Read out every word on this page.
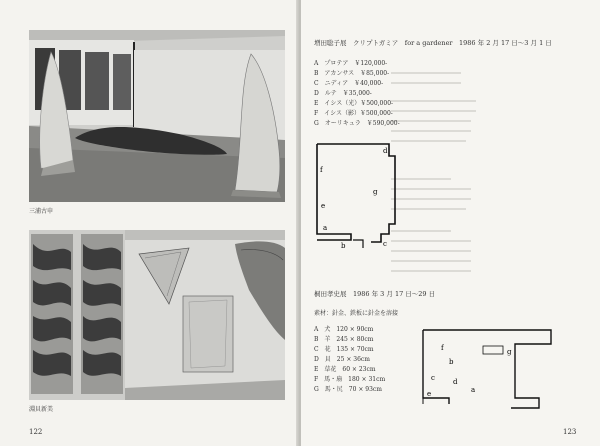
三浦古申
淵貝新美
122
増田聡子展　クリプトガミア　for a gardener　1986 年 2 月 17 日～3 月 1 日
A　プロテア　￥120,000-
B　アカンサス　￥85,000-
C　ニディア　￥40,000-
D　ルテ　￥35,000-
E　イシス（光）￥500,000-
F　イシス（影）￥500,000-
G　オーリキュラ　￥590,000-
d
f
g
e
a
b	c
桐田孝史展　1986 年 3 月 17 日～29 日
素材：針金、鉄板に針金を溶接
A　犬　120 × 90cm
B　羊　245 × 80cm
C　花　135 × 70cm
D　貝　25 × 36cm
E　草花　60 × 23cm
F　馬・扇　180 × 31cm
G　馬・尻　70 × 93cm
f	g
b
c	d
a
e
123
